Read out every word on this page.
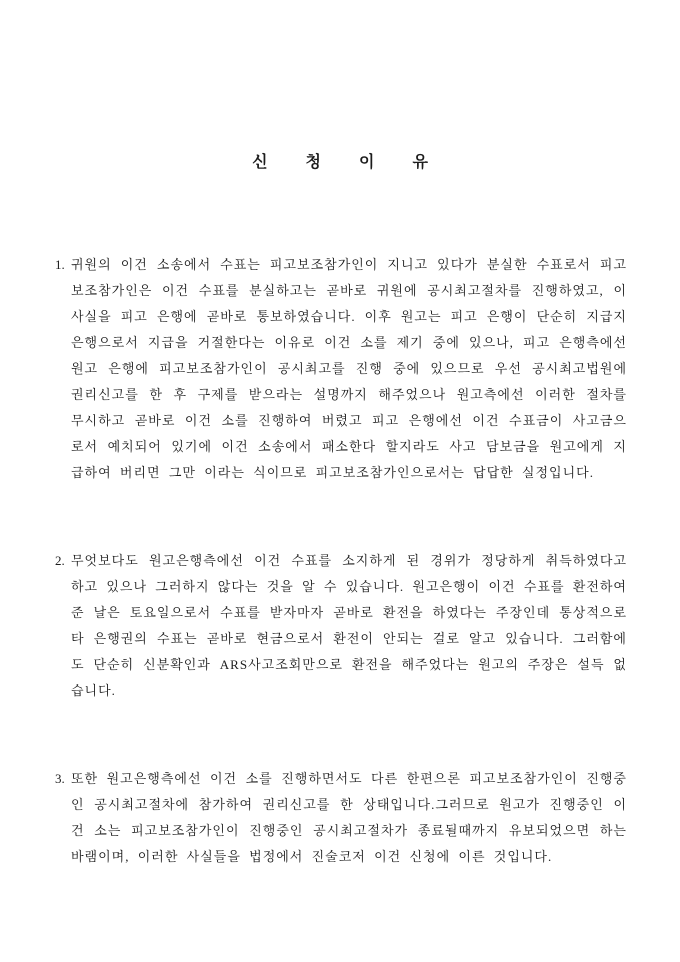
신 청 이 유
1. 귀원의 이건 소송에서 수표는 피고보조참가인이 지니고 있다가 분실한 수표로서 피고보조참가인은 이건 수표를 분실하고는 곧바로 귀원에 공시최고절차를 진행하였고, 이 사실을 피고 은행에 곧바로 통보하였습니다. 이후 원고는 피고 은행이 단순히 지급지 은행으로서 지급을 거절한다는 이유로 이건 소를 제기 중에 있으나, 피고 은행측에선 원고 은행에 피고보조참가인이 공시최고를 진행 중에 있으므로 우선 공시최고법원에 권리신고를 한 후 구제를 받으라는 설명까지 해주었으나 원고측에선 이러한 절차를 무시하고 곧바로 이건 소를 진행하여 버렸고 피고 은행에선 이건 수표금이 사고금으로서 예치되어 있기에 이건 소송에서 패소한다 할지라도 사고 담보금을 원고에게 지급하여 버리면 그만 이라는 식이므로 피고보조참가인으로서는 답답한 실정입니다.
2. 무엇보다도 원고은행측에선 이건 수표를 소지하게 된 경위가 정당하게 취득하였다고 하고 있으나 그러하지 않다는 것을 알 수 있습니다. 원고은행이 이건 수표를 환전하여준 날은 토요일으로서 수표를 받자마자 곧바로 환전을 하였다는 주장인데 통상적으로 타 은행권의 수표는 곧바로 현금으로서 환전이 안되는 걸로 알고 있습니다. 그러함에도 단순히 신분확인과 ARS사고조회만으로 환전을 해주었다는 원고의 주장은 설득 없습니다.
3. 또한 원고은행측에선 이건 소를 진행하면서도 다른 한편으론 피고보조참가인이 진행중인 공시최고절차에 참가하여 권리신고를 한 상태입니다.그러므로 원고가 진행중인 이건 소는 피고보조참가인이 진행중인 공시최고절차가 종료될때까지 유보되었으면 하는 바램이며, 이러한 사실들을 법정에서 진술코저 이건 신청에 이른 것입니다.
